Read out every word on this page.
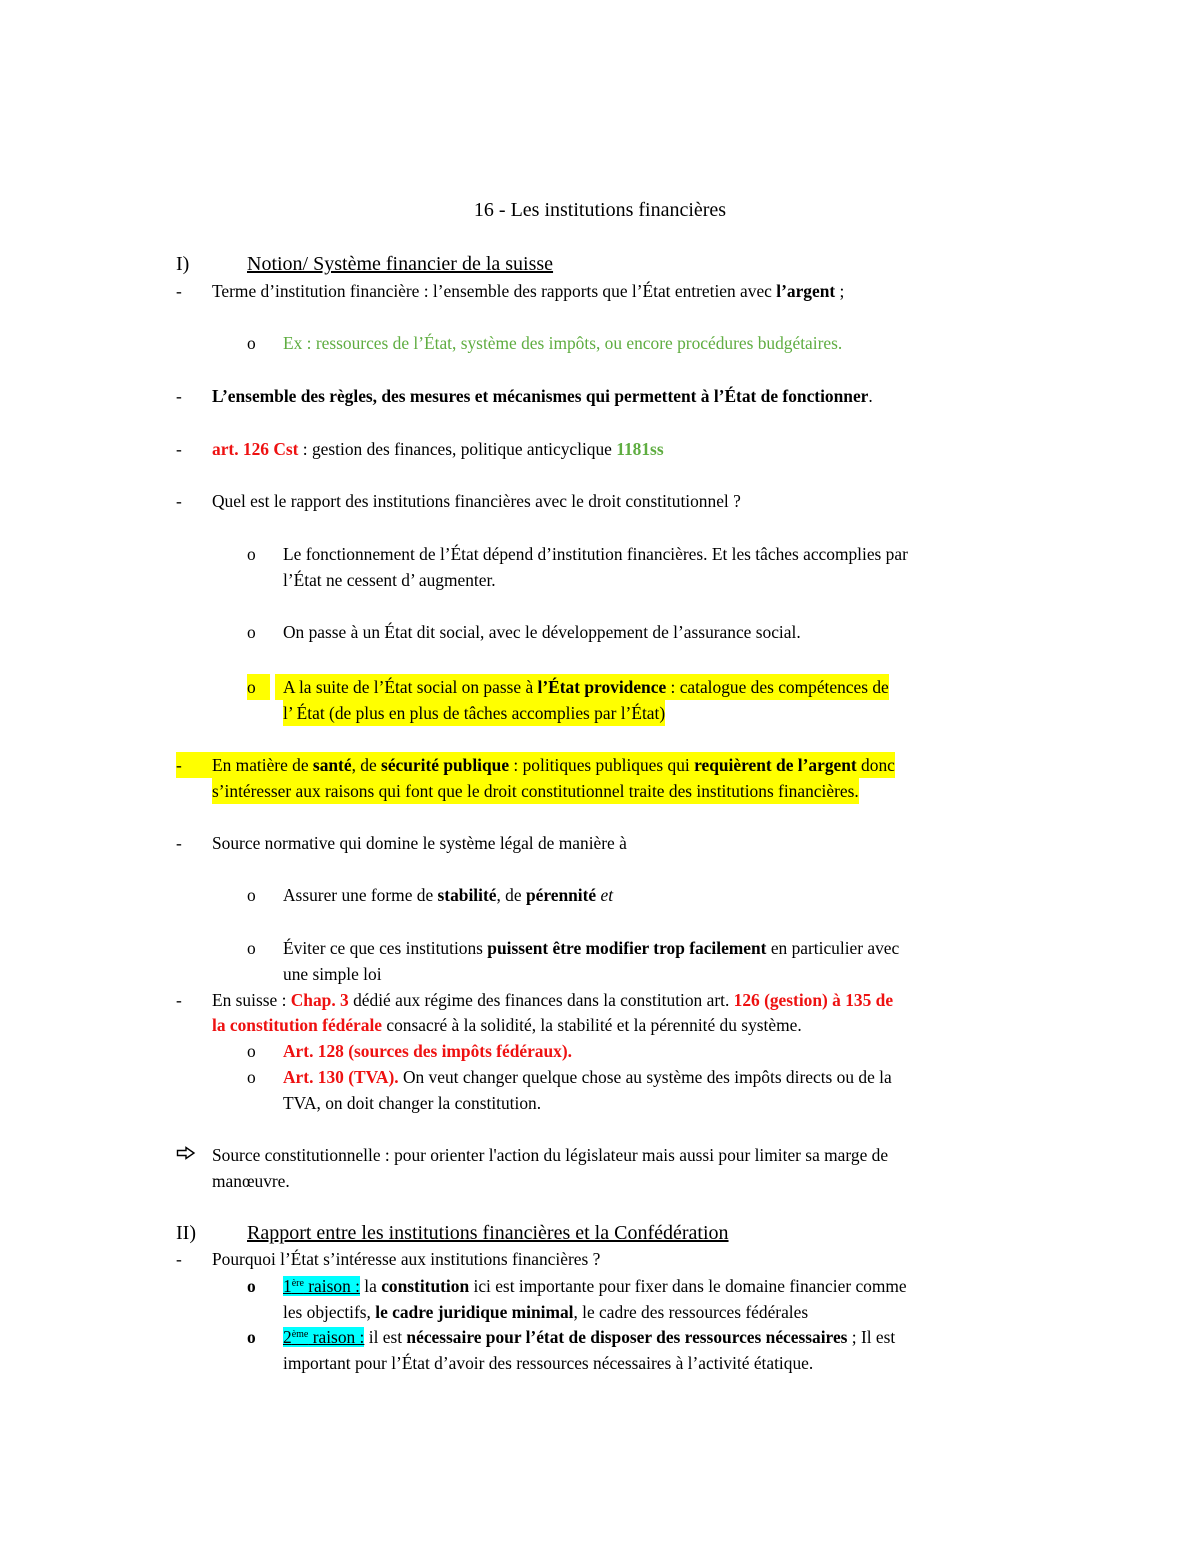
16 - Les institutions financières
I)	Notion/ Système financier de la suisse
- Terme d’institution financière : l’ensemble des rapports que l’État entretien avec l’argent ;
o Ex : ressources de l’État, système des impôts, ou encore procédures budgétaires.
- L’ensemble des règles, des mesures et mécanismes qui permettent à l’État de fonctionner.
- art. 126 Cst : gestion des finances, politique anticyclique 1181ss
- Quel est le rapport des institutions financières avec le droit constitutionnel ?
o Le fonctionnement de l’État dépend d’institution financières. Et les tâches accomplies par
l’État ne cessent d’ augmenter.
o On passe à un État dit social, avec le développement de l’assurance social.
o	A la suite de l’État social on passe à l’État providence : catalogue des compétences de
l’ État (de plus en plus de tâches accomplies par l’État)
-	En matière de santé, de sécurité publique : politiques publiques qui requièrent de l’argent donc
s’intéresser aux raisons qui font que le droit constitutionnel traite des institutions financières.
- Source normative qui domine le système légal de manière à
o Assurer une forme de stabilité, de pérennité et
o Éviter ce que ces institutions puissent être modifier trop facilement en particulier avec
une simple loi
- En suisse : Chap. 3 dédié aux régime des finances dans la constitution art. 126 (gestion) à 135 de
la constitution fédérale consacré à la solidité, la stabilité et la pérennité du système.
o Art. 128 (sources des impôts fédéraux).
o Art. 130 (TVA). On veut changer quelque chose au système des impôts directs ou de la
TVA, on doit changer la constitution.
Source constitutionnelle : pour orienter l'action du législateur mais aussi pour limiter sa marge de
manœuvre.
II)	Rapport entre les institutions financières et la Confédération
- Pourquoi l’État s’intéresse aux institutions financières ?
o 1ère raison : la constitution ici est importante pour fixer dans le domaine financier comme
les objectifs, le cadre juridique minimal, le cadre des ressources fédérales
o 2ème raison : il est nécessaire pour l’état de disposer des ressources nécessaires ; Il est
important pour l’État d’avoir des ressources nécessaires à l’activité étatique.
